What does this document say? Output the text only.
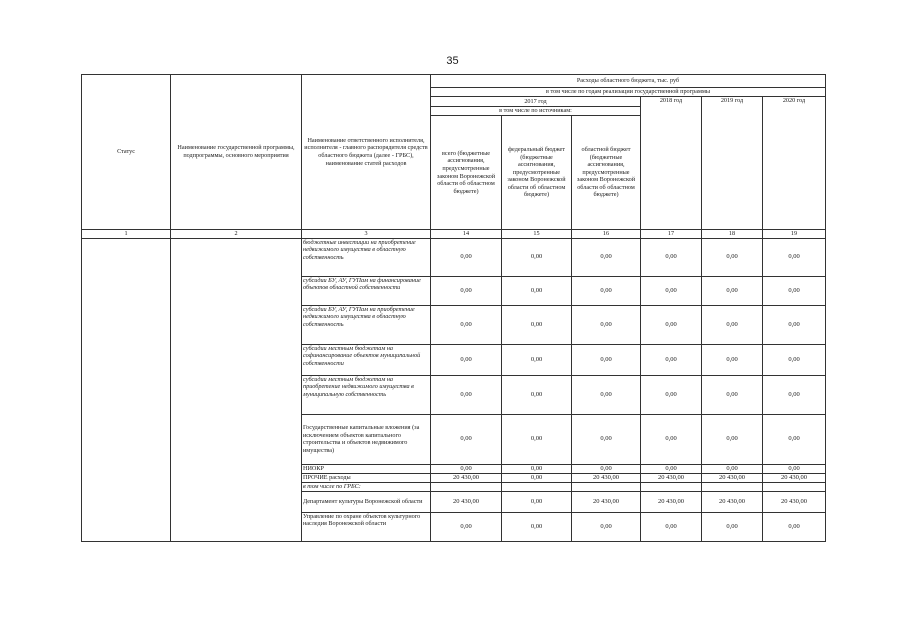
35
Статус	Наименование государственной программы, подпрограммы, основного мероприятия	Наименование ответственного исполнителя, исполнителя - главного распорядителя средств областного бюджета (далее - ГРБС), наименование статей расходов	Расходы областного бюджета, тыс. руб					
			в том числе по годам реализации государственной программы					
			2017 год			2018 год	2019 год	2020 год
			в том числе по источникам:					
			всего (бюджетные ассигнования, предусмотренные законом Воронежской области об областном бюджете)	федеральный бюджет (бюджетные ассигнования, предусмотренные законом Воронежской области об областном бюджете)	областной бюджет (бюджетные ассигнования, предусмотренные законом Воронежской области об областном бюджете)			
1	2	3	14	15	16	17	18	19
		бюджетные инвестиции на приобретение недвижимого имущества в областную собственность	0,00	0,00	0,00	0,00	0,00	0,00
		субсидии БУ, АУ, ГУПам на финансирование объектов областной собственности	0,00	0,00	0,00	0,00	0,00	0,00
		субсидии БУ, АУ, ГУПам на приобретение недвижимого имущества в областную собственность	0,00	0,00	0,00	0,00	0,00	0,00
		субсидии местным бюджетам на софинансирование объектов муниципальной собственности	0,00	0,00	0,00	0,00	0,00	0,00
		субсидии местным бюджетам на приобретение недвижимого имущества в муниципальную собственность	0,00	0,00	0,00	0,00	0,00	0,00
		Государственные капитальные вложения (за исключением объектов капитального строительства и объектов недвижимого имущества)	0,00	0,00	0,00	0,00	0,00	0,00
		НИОКР	0,00	0,00	0,00	0,00	0,00	0,00
		ПРОЧИЕ расходы	20 430,00	0,00	20 430,00	20 430,00	20 430,00	20 430,00
		в том числе по ГРБС:						
		Департамент культуры Воронежской области	20 430,00	0,00	20 430,00	20 430,00	20 430,00	20 430,00
		Управление по охране объектов культурного наследия Воронежской области	0,00	0,00	0,00	0,00	0,00	0,00
